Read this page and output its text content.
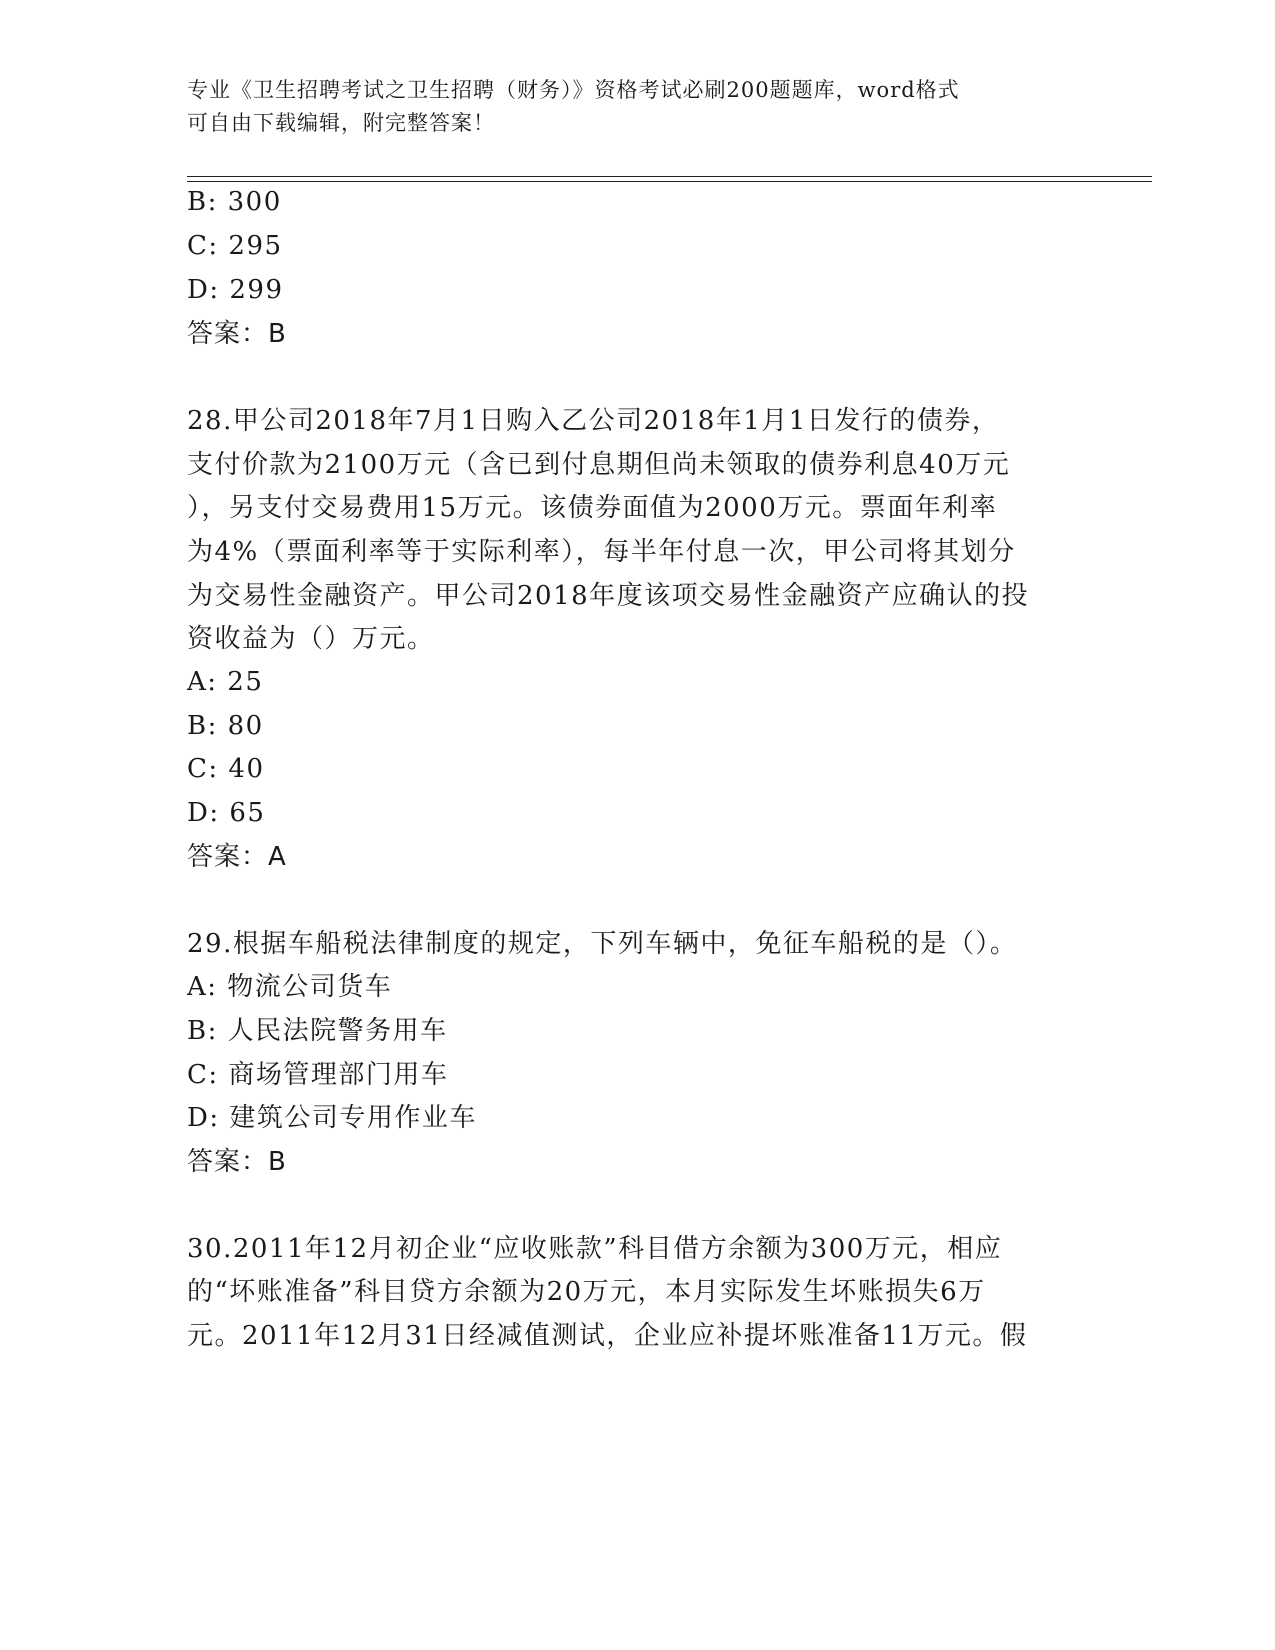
专业《卫生招聘考试之卫生招聘（财务）》资格考试必刷200题题库，word格式
可自由下载编辑，附完整答案！
B: 300
C: 295
D: 299
答案：B
28.甲公司2018年7月1日购入乙公司2018年1月1日发行的债券，
支付价款为2100万元（含已到付息期但尚未领取的债券利息40万元
），另支付交易费用15万元。该债券面值为2000万元。票面年利率
为4%（票面利率等于实际利率），每半年付息一次，甲公司将其划分
为交易性金融资产。甲公司2018年度该项交易性金融资产应确认的投
资收益为（）万元。
A: 25
B: 80
C: 40
D: 65
答案：A
29.根据车船税法律制度的规定，下列车辆中，免征车船税的是（）。
A: 物流公司货车
B: 人民法院警务用车
C: 商场管理部门用车
D: 建筑公司专用作业车
答案：B
30.2011年12月初企业“应收账款”科目借方余额为300万元，相应
的“坏账准备”科目贷方余额为20万元，本月实际发生坏账损失6万
元。2011年12月31日经减值测试，企业应补提坏账准备11万元。假
